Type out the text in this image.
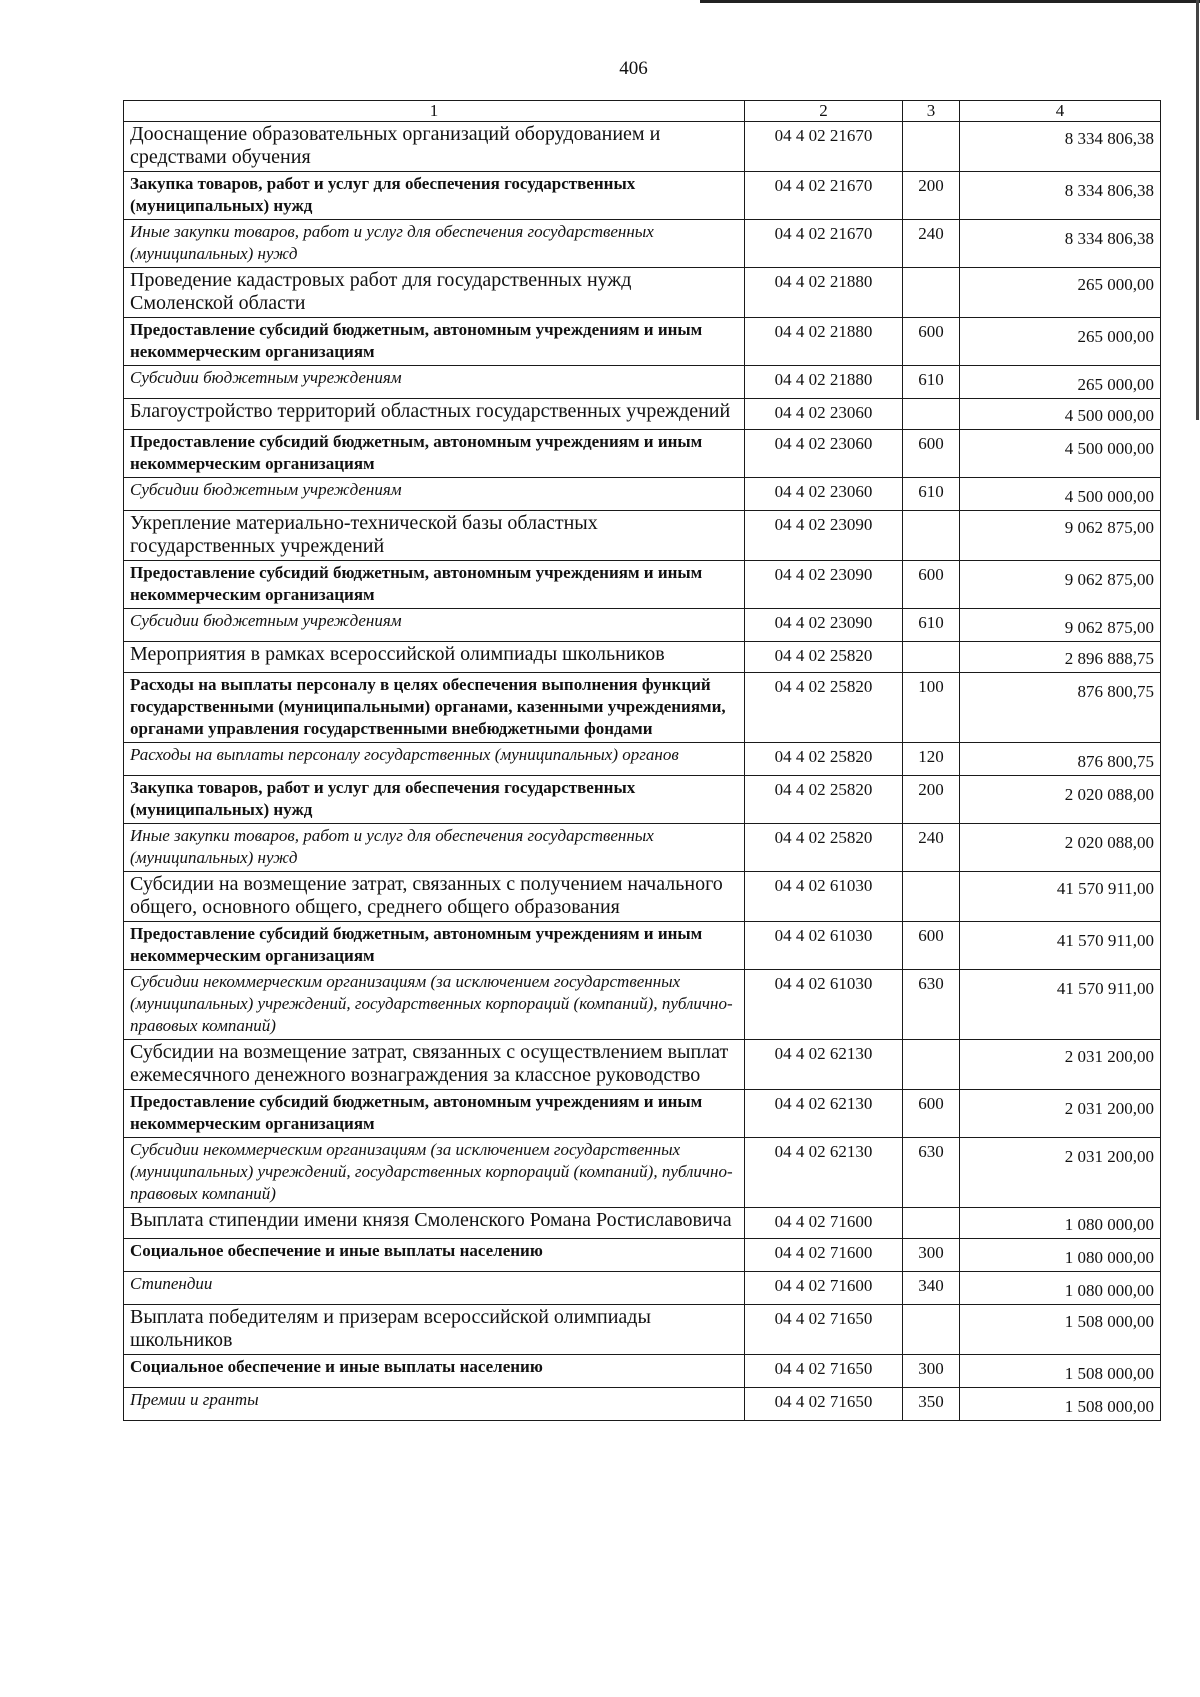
406
1	2	3	4
Дооснащение образовательных организаций оборудованием и средствами обучения	04 4 02 21670		8 334 806,38
Закупка товаров, работ и услуг для обеспечения государственных (муниципальных) нужд	04 4 02 21670	200	8 334 806,38
Иные закупки товаров, работ и услуг для обеспечения государственных (муниципальных) нужд	04 4 02 21670	240	8 334 806,38
Проведение кадастровых работ для государственных нужд Смоленской области	04 4 02 21880		265 000,00
Предоставление субсидий бюджетным, автономным учреждениям и иным некоммерческим организациям	04 4 02 21880	600	265 000,00
Субсидии бюджетным учреждениям	04 4 02 21880	610	265 000,00
Благоустройство территорий областных государственных учреждений	04 4 02 23060		4 500 000,00
Предоставление субсидий бюджетным, автономным учреждениям и иным некоммерческим организациям	04 4 02 23060	600	4 500 000,00
Субсидии бюджетным учреждениям	04 4 02 23060	610	4 500 000,00
Укрепление материально-технической базы областных государственных учреждений	04 4 02 23090		9 062 875,00
Предоставление субсидий бюджетным, автономным учреждениям и иным некоммерческим организациям	04 4 02 23090	600	9 062 875,00
Субсидии бюджетным учреждениям	04 4 02 23090	610	9 062 875,00
Мероприятия в рамках всероссийской олимпиады школьников	04 4 02 25820		2 896 888,75
Расходы на выплаты персоналу в целях обеспечения выполнения функций государственными (муниципальными) органами, казенными учреждениями, органами управления государственными внебюджетными фондами	04 4 02 25820	100	876 800,75
Расходы на выплаты персоналу государственных (муниципальных) органов	04 4 02 25820	120	876 800,75
Закупка товаров, работ и услуг для обеспечения государственных (муниципальных) нужд	04 4 02 25820	200	2 020 088,00
Иные закупки товаров, работ и услуг для обеспечения государственных (муниципальных) нужд	04 4 02 25820	240	2 020 088,00
Субсидии на возмещение затрат, связанных с получением начального общего, основного общего, среднего общего образования	04 4 02 61030		41 570 911,00
Предоставление субсидий бюджетным, автономным учреждениям и иным некоммерческим организациям	04 4 02 61030	600	41 570 911,00
Субсидии некоммерческим организациям (за исключением государственных (муниципальных) учреждений, государственных корпораций (компаний), публично-правовых компаний)	04 4 02 61030	630	41 570 911,00
Субсидии на возмещение затрат, связанных с осуществлением выплат ежемесячного денежного вознаграждения за классное руководство	04 4 02 62130		2 031 200,00
Предоставление субсидий бюджетным, автономным учреждениям и иным некоммерческим организациям	04 4 02 62130	600	2 031 200,00
Субсидии некоммерческим организациям (за исключением государственных (муниципальных) учреждений, государственных корпораций (компаний), публично-правовых компаний)	04 4 02 62130	630	2 031 200,00
Выплата стипендии имени князя Смоленского Романа Ростиславовича	04 4 02 71600		1 080 000,00
Социальное обеспечение и иные выплаты населению	04 4 02 71600	300	1 080 000,00
Стипендии	04 4 02 71600	340	1 080 000,00
Выплата победителям и призерам всероссийской олимпиады школьников	04 4 02 71650		1 508 000,00
Социальное обеспечение и иные выплаты населению	04 4 02 71650	300	1 508 000,00
Премии и гранты	04 4 02 71650	350	1 508 000,00
